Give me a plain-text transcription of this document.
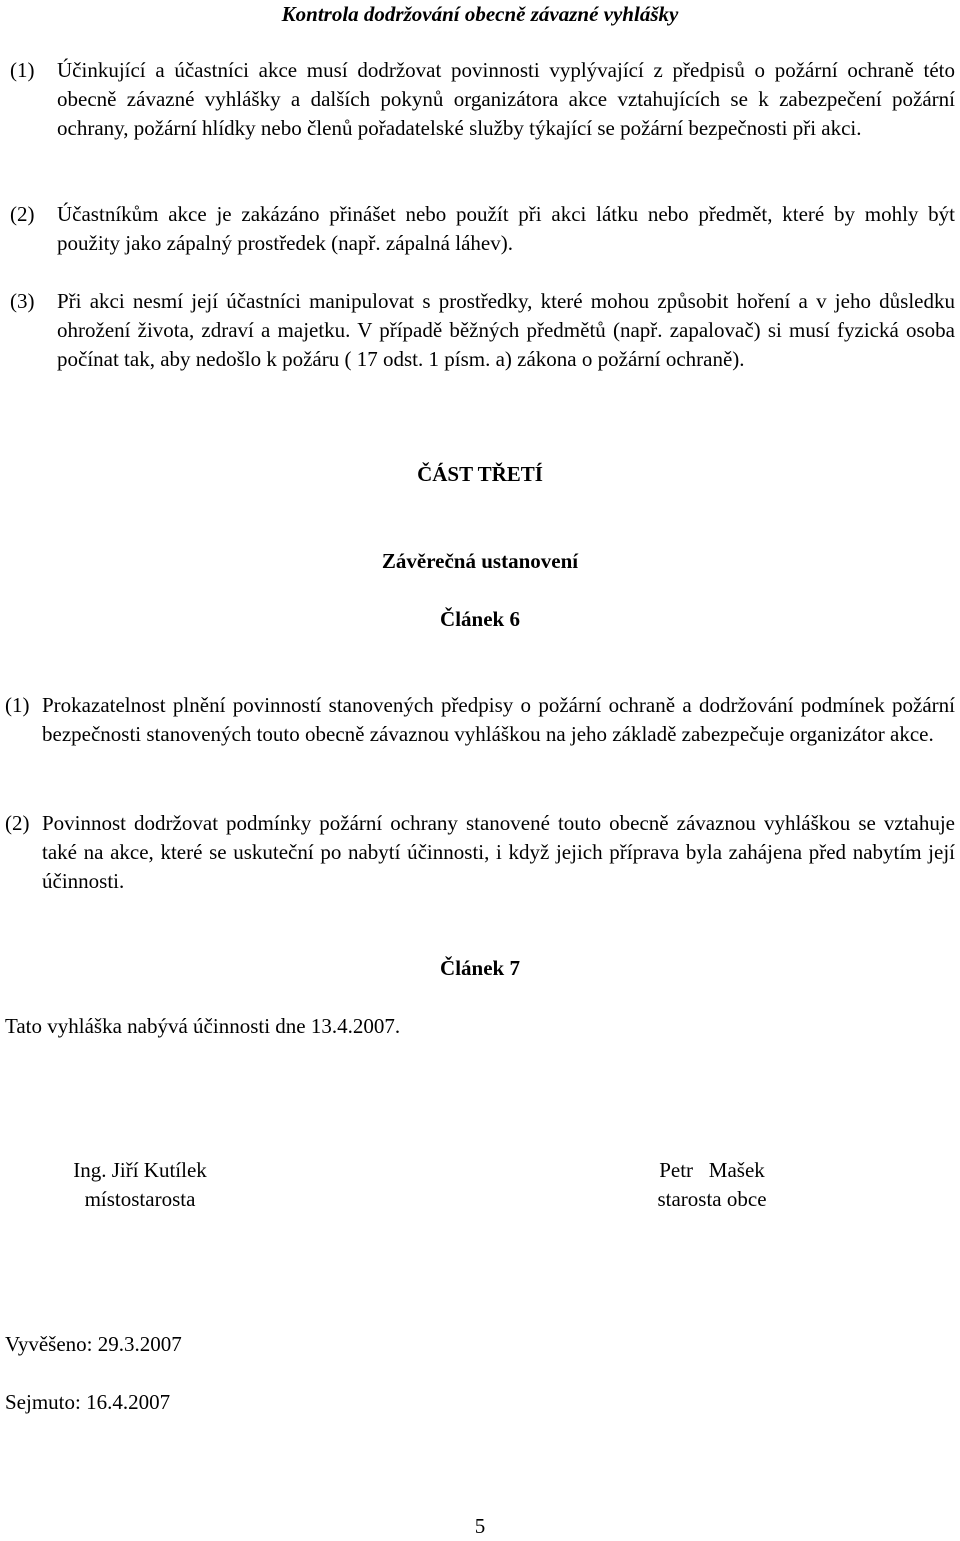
Kontrola dodržování obecně závazné vyhlášky
(1) Účinkující a účastníci akce musí dodržovat povinnosti vyplývající z předpisů o požární ochraně této obecně závazné vyhlášky a dalších pokynů organizátora akce vztahujících se k zabezpečení požární ochrany, požární hlídky nebo členů pořadatelské služby týkající se požární bezpečnosti při akci.
(2) Účastníkům akce je zakázáno přinášet nebo použít při akci látku nebo předmět, které by mohly být použity jako zápalný prostředek (např. zápalná láhev).
(3) Při akci nesmí její účastníci manipulovat s prostředky, které mohou způsobit hoření a v jeho důsledku ohrožení života, zdraví a majetku. V případě běžných předmětů (např. zapalovač) si musí fyzická osoba počínat tak, aby nedošlo k požáru ( 17 odst. 1 písm. a) zákona o požární ochraně).
ČÁST TŘETÍ
Závěrečná ustanovení
Článek 6
(1) Prokazatelnost plnění povinností stanovených předpisy o požární ochraně a dodržování podmínek požární bezpečnosti stanovených touto obecně závaznou vyhláškou na jeho základě zabezpečuje organizátor akce.
(2) Povinnost dodržovat podmínky požární ochrany stanovené touto obecně závaznou vyhláškou se vztahuje také na akce, které se uskuteční po nabytí účinnosti, i když jejich příprava byla zahájena před nabytím její účinnosti.
Článek 7
Tato vyhláška nabývá účinnosti dne 13.4.2007.
Ing. Jiří Kutílek
místostarosta
Petr   Mašek
starosta obce
Vyvěšeno: 29.3.2007
Sejmuto: 16.4.2007
5
